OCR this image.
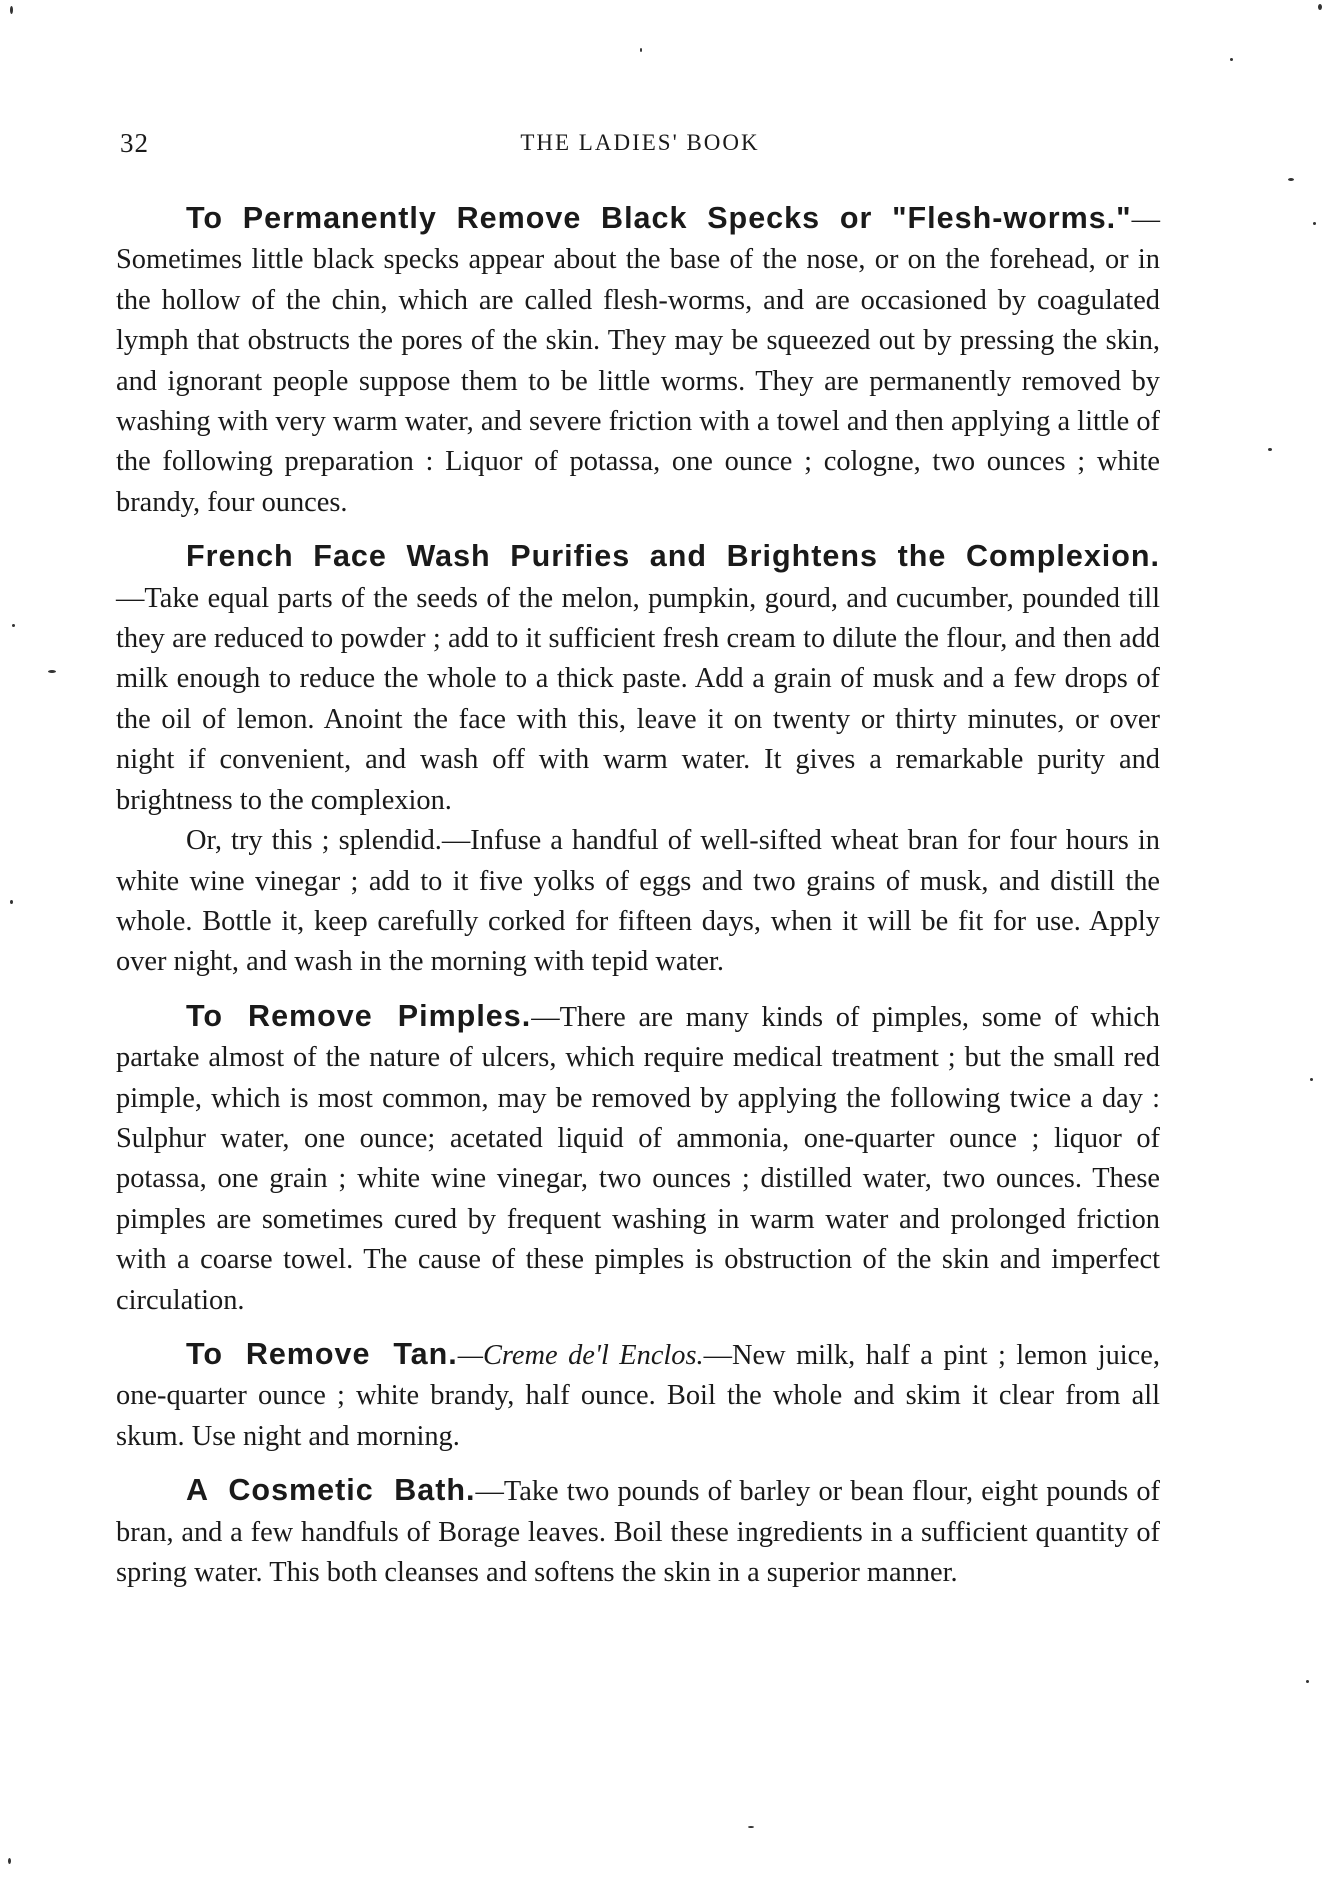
32	THE LADIES' BOOK

To Permanently Remove Black Specks or "Flesh-worms."—Sometimes little black specks appear about the base of the nose, or on the forehead, or in the hollow of the chin, which are called flesh-worms, and are occasioned by coagulated lymph that obstructs the pores of the skin. They may be squeezed out by pressing the skin, and ignorant people suppose them to be little worms. They are permanently removed by washing with very warm water, and severe friction with a towel and then applying a little of the following preparation : Liquor of potassa, one ounce ; cologne, two ounces ; white brandy, four ounces.

French Face Wash Purifies and Brightens the Complexion.—Take equal parts of the seeds of the melon, pumpkin, gourd, and cucumber, pounded till they are reduced to powder ; add to it sufficient fresh cream to dilute the flour, and then add milk enough to reduce the whole to a thick paste. Add a grain of musk and a few drops of the oil of lemon. Anoint the face with this, leave it on twenty or thirty minutes, or over night if convenient, and wash off with warm water. It gives a remarkable purity and brightness to the complexion.

Or, try this ; splendid.—Infuse a handful of well-sifted wheat bran for four hours in white wine vinegar ; add to it five yolks of eggs and two grains of musk, and distill the whole. Bottle it, keep carefully corked for fifteen days, when it will be fit for use. Apply over night, and wash in the morning with tepid water.

To Remove Pimples.—There are many kinds of pimples, some of which partake almost of the nature of ulcers, which require medical treatment ; but the small red pimple, which is most common, may be removed by applying the following twice a day : Sulphur water, one ounce; acetated liquid of ammonia, one-quarter ounce ; liquor of potassa, one grain ; white wine vinegar, two ounces ; distilled water, two ounces. These pimples are sometimes cured by frequent washing in warm water and prolonged friction with a coarse towel. The cause of these pimples is obstruction of the skin and imperfect circulation.

To Remove Tan.—Creme de'l Enclos.—New milk, half a pint ; lemon juice, one-quarter ounce ; white brandy, half ounce. Boil the whole and skim it clear from all skum. Use night and morning.

A Cosmetic Bath.—Take two pounds of barley or bean flour, eight pounds of bran, and a few handfuls of Borage leaves. Boil these ingredients in a sufficient quantity of spring water. This both cleanses and softens the skin in a superior manner.
